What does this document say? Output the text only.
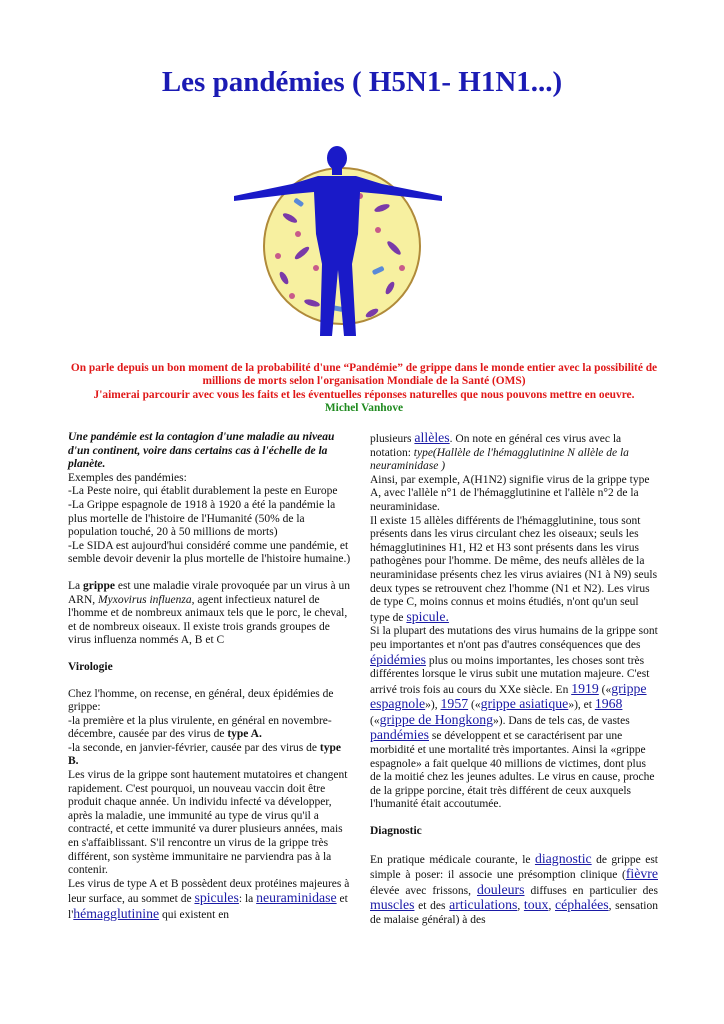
Les pandémies ( H5N1- H1N1...)
On parle depuis un bon moment de la probabilité d'une “Pandémie” de grippe dans le monde entier avec la possibilité de millions de morts selon l'organisation Mondiale de la Santé (OMS)
J'aimerai parcourir avec vous les faits et les éventuelles réponses naturelles que nous pouvons mettre en oeuvre.
Michel Vanhove

Une pandémie est la contagion d'une maladie au niveau d'un continent, voire dans certains cas à l'échelle de la planète.

Exemples des pandémies:

-La Peste noire, qui établit durablement la peste en Europe

-La Grippe espagnole de 1918 à 1920 a été la pandémie la plus mortelle de l'histoire de l'Humanité (50% de la population touché, 20 à 50 millions de morts)

-Le SIDA est aujourd'hui considéré comme une pandémie, et semble devoir devenir la plus mortelle de l'histoire humaine.)

La grippe est une maladie virale provoquée par un virus à un ARN, Myxovirus influenza, agent infectieux naturel de l'homme et de nombreux animaux tels que le porc, le cheval, et de nombreux oiseaux. Il existe trois grands groupes de virus influenza nommés A, B et C

Virologie

Chez l'homme, on recense, en général, deux épidémies de grippe:

-la première et la plus virulente, en général en novembre-décembre, causée par des virus de type A.

-la seconde, en janvier-février, causée par des virus de type B.

Les virus de la grippe sont hautement mutatoires et changent rapidement. C'est pourquoi, un nouveau vaccin doit être produit chaque année. Un individu infecté va développer, après la maladie, une immunité au type de virus qu'il a contracté, et cette immunité va durer plusieurs années, mais en s'affaiblissant. S'il rencontre un virus de la grippe très différent, son système immunitaire ne parviendra pas à la contenir.

Les virus de type A et B possèdent deux protéines majeures à leur surface, au sommet de spicules: la neuraminidase et l'hémagglutinine qui existent en

plusieurs allèles. On note en général ces virus avec la notation: type(Hallèle de l'hémagglutinine N allèle de la neuraminidase )

Ainsi, par exemple, A(H1N2) signifie virus de la grippe type A, avec l'allèle n°1 de l'hémagglutinine et l'allèle n°2 de la neuraminidase.

Il existe 15 allèles différents de l'hémagglutinine, tous sont présents dans les virus circulant chez les oiseaux; seuls les hémagglutinines H1, H2 et H3 sont présents dans les virus pathogènes pour l'homme. De même, des neufs allèles de la neuraminidase présents chez les virus aviaires (N1 à N9) seuls deux types se retrouvent chez l'homme (N1 et N2). Les virus de type C, moins connus et moins étudiés, n'ont qu'un seul type de spicule.

Si la plupart des mutations des virus humains de la grippe sont peu importantes et n'ont pas d'autres conséquences que des épidémies plus ou moins importantes, les choses sont très différentes lorsque le virus subit une mutation majeure. C'est arrivé trois fois au cours du XXe siècle. En 1919 («grippe espagnole»), 1957 («grippe asiatique»), et 1968 («grippe de Hongkong»). Dans de tels cas, de vastes pandémies se développent et se caractérisent par une morbidité et une mortalité très importantes. Ainsi la «grippe espagnole» a fait quelque 40 millions de victimes, dont plus de la moitié chez les jeunes adultes. Le virus en cause, proche de la grippe porcine, était très différent de ceux auxquels l'humanité était accoutumée.

Diagnostic

En pratique médicale courante, le diagnostic de grippe est simple à poser: il associe une présomption clinique (fièvre élevée avec frissons, douleurs diffuses en particulier des muscles et des articulations, toux, céphalées, sensation de malaise général) à des
